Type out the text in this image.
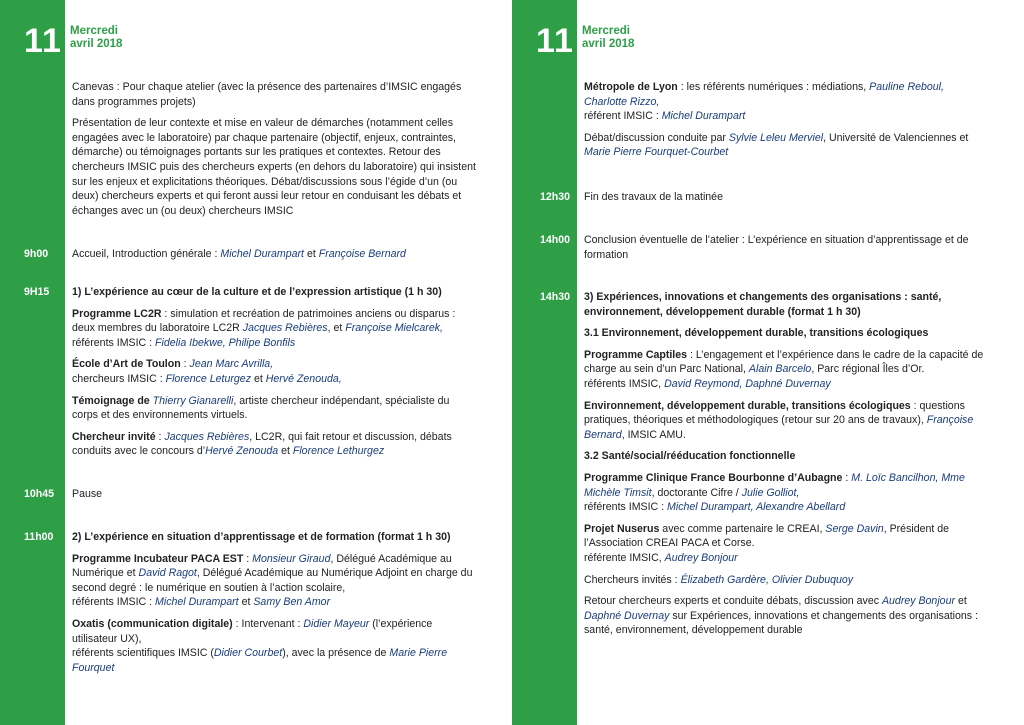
11 Mercredi
avril 2018

Canevas : Pour chaque atelier (avec la présence des partenaires d’IMSIC engagés dans programmes projets)

Présentation de leur contexte et mise en valeur de démarches (notamment celles engagées avec le laboratoire) par chaque partenaire (objectif, enjeux, contraintes, démarche) ou témoignages portants sur les pratiques et contextes. Retour des chercheurs IMSIC puis des chercheurs experts (en dehors du laboratoire) qui insistent sur les enjeux et explicitations théoriques. Débat/discussions sous l’égide d’un (ou deux) chercheurs experts et qui feront aussi leur retour en conduisant les débats et échanges avec un (ou deux) chercheurs IMSIC

9h00	Accueil, Introduction générale : Michel Durampart et Françoise Bernard

9H15	1) L’expérience au cœur de la culture et de l’expression artistique (1 h 30)

Programme LC2R : simulation et recréation de patrimoines anciens ou disparus : deux membres du laboratoire LC2R Jacques Rebières, et Françoise Mielcarek,
référents IMSIC : Fidelia Ibekwe, Philipe Bonfils

École d’Art de Toulon : Jean Marc Avrilla,
chercheurs IMSIC : Florence Leturgez et Hervé Zenouda,

Témoignage de Thierry Gianarelli, artiste chercheur indépendant, spécialiste du corps et des environnements virtuels.

Chercheur invité : Jacques Rebières, LC2R, qui fait retour et discussion, débats conduits avec le concours d’Hervé Zenouda et Florence Lethurgez

10h45	Pause

11h00	2) L’expérience en situation d’apprentissage et de formation (format 1 h 30)

Programme Incubateur PACA EST : Monsieur Giraud, Délégué Académique au Numérique et David Ragot, Délégué Académique au Numérique Adjoint en charge du second degré : le numérique en soutien à l’action scolaire,
référents IMSIC : Michel Durampart et Samy Ben Amor

Oxatis (communication digitale) : Intervenant : Didier Mayeur (l’expérience utilisateur UX),
référents scientifiques IMSIC (Didier Courbet), avec la présence de Marie Pierre Fourquet

11 Mercredi
avril 2018

Métropole de Lyon : les référents numériques : médiations, Pauline Reboul, Charlotte Rizzo,
référent IMSIC : Michel Durampart

Débat/discussion conduite par Sylvie Leleu Merviel, Université de Valenciennes et Marie Pierre Fourquet-Courbet

12h30	Fin des travaux de la matinée

14h00	Conclusion éventuelle de l’atelier : L’expérience en situation d’apprentissage et de formation

14h30	3) Expériences, innovations et changements des organisations : santé, environnement, développement durable (format 1 h 30)

3.1 Environnement, développement durable, transitions écologiques

Programme Captiles : L’engagement et l’expérience dans le cadre de la capacité de charge au sein d’un Parc National, Alain Barcelo, Parc régional Îles d’Or.
référents IMSIC, David Reymond, Daphné Duvernay

Environnement, développement durable, transitions écologiques : questions pratiques, théoriques et méthodologiques (retour sur 20 ans de travaux), Françoise Bernard, IMSIC AMU.

3.2 Santé/social/rééducation fonctionnelle

Programme Clinique France Bourbonne d’Aubagne : M. Loïc Bancilhon, Mme Michèle Timsit, doctorante Cifre / Julie Golliot,
référents IMSIC : Michel Durampart, Alexandre Abellard

Projet Nuserus avec comme partenaire le CREAI, Serge Davin, Président de l’Association CREAI PACA et Corse.
référente IMSIC, Audrey Bonjour

Chercheurs invités : Élizabeth Gardère, Olivier Dubuquoy

Retour chercheurs experts et conduite débats, discussion avec Audrey Bonjour et Daphné Duvernay sur Expériences, innovations et changements des organisations : santé, environnement, développement durable
